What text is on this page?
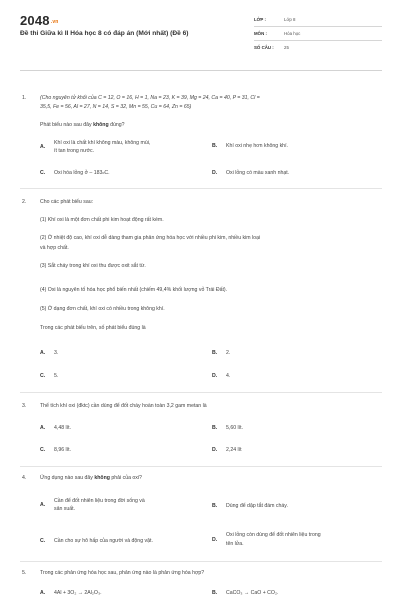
$2048^{.vn}$
Đề thi Giữa kì II Hóa học 8 có đáp án (Mới nhất) (Đề 6)
LỚP :	Lớp 8
MÔN :	Hóa học
SỐ CÂU : 25
1.	(Cho nguyên tử khối của C = 12, O = 16, H = 1, Na = 23, K = 39, Mg = 24, Ca = 40, P = 31, Cl =
35,5, Fe = 56, Al = 27, N = 14, S = 32, Mn = 55, Cu = 64, Zn = 65)
Phát biểu nào sau đây không đúng?
A.
Khí oxi là chất khí không màu, không mùi,
ít tan trong nước.
B. Khí oxi nhẹ hơn không khí.
C. Oxi hóa lỏng ở – 183$^o$C.	D. Oxi lỏng có màu xanh nhạt.
2.	Cho các phát biểu sau:
(1) Khí oxi là một đơn chất phi kim hoạt động rất kém.
(2) Ở nhiệt độ cao, khí oxi dễ dàng tham gia phản ứng hóa học với nhiều phi kim, nhiều kim loại
và hợp chất.
(3) Sắt cháy trong khí oxi thu được oxit sắt từ.
(4) Oxi là nguyên tố hóa học phổ biến nhất (chiếm 49,4% khối lượng vỏ Trái Đất).
(5) Ở dạng đơn chất, khí oxi có nhiều trong không khí.
Trong các phát biểu trên, số phát biểu đúng là
A. 3.	B. 2.
C. 5.	D. 4.
3.	Thể tích khí oxi (đktc) cần dùng để đốt cháy hoàn toàn 3,2 gam metan là
A. 4,48 lít.	B. 5,60 lít.
C. 8,96 lít.	D. 2,24 lít
4.	Ứng dụng nào sau đây không phải của oxi?
A.
Cần để đốt nhiên liệu trong đời sống và
sản xuất.	B. Dùng để dập tắt đám cháy.
C. Cần cho sự hô hấp của người và động vật.	D.
Oxi lỏng còn dùng để đốt nhiên liệu trong
tên lửa.
5.	Trong các phản ứng hóa học sau, phản ứng nào là phản ứng hóa hợp?
A. 4Al + 3O₂ → 2Al₂O₃.	B. CaCO₃ → CaO + CO₂.
